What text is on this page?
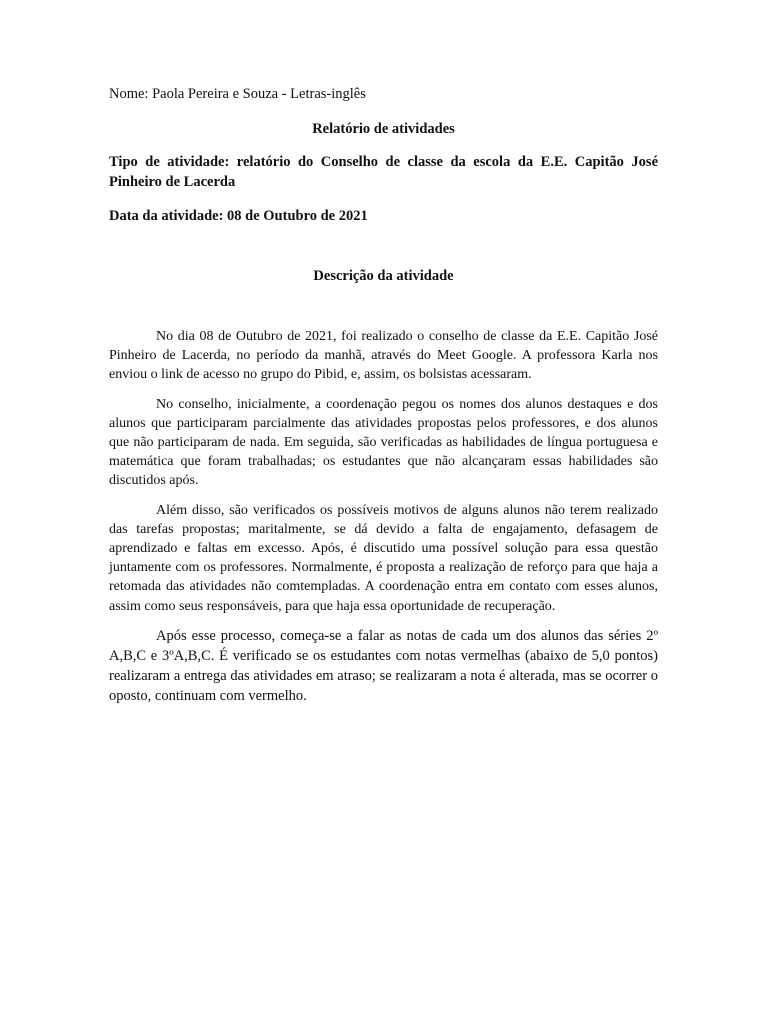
Nome: Paola Pereira e Souza - Letras-inglês

Relatório de atividades

Tipo de atividade: relatório do Conselho de classe da escola da E.E. Capitão José Pinheiro de Lacerda

Data da atividade: 08 de Outubro de 2021

Descrição da atividade

No dia 08 de Outubro de 2021, foi realizado o conselho de classe da E.E. Capitão José Pinheiro de Lacerda, no período da manhã, através do Meet Google. A professora Karla nos enviou o link de acesso no grupo do Pibid, e, assim, os bolsistas acessaram.

No conselho, inicialmente, a coordenação pegou os nomes dos alunos destaques e dos alunos que participaram parcialmente das atividades propostas pelos professores, e dos alunos que não participaram de nada. Em seguida, são verificadas as habilidades de língua portuguesa e matemática que foram trabalhadas; os estudantes que não alcançaram essas habilidades são discutidos após.

Além disso, são verificados os possíveis motivos de alguns alunos não terem realizado das tarefas propostas; maritalmente, se dá devido a falta de engajamento, defasagem de aprendizado e faltas em excesso. Após, é discutido uma possível solução para essa questão juntamente com os professores. Normalmente, é proposta a realização de reforço para que haja a retomada das atividades não comtempladas. A coordenação entra em contato com esses alunos, assim como seus responsáveis, para que haja essa oportunidade de recuperação.

Após esse processo, começa-se a falar as notas de cada um dos alunos das séries 2º A,B,C e 3ºA,B,C. É verificado se os estudantes com notas vermelhas (abaixo de 5,0 pontos) realizaram a entrega das atividades em atraso; se realizaram a nota é alterada, mas se ocorrer o oposto, continuam com vermelho.
